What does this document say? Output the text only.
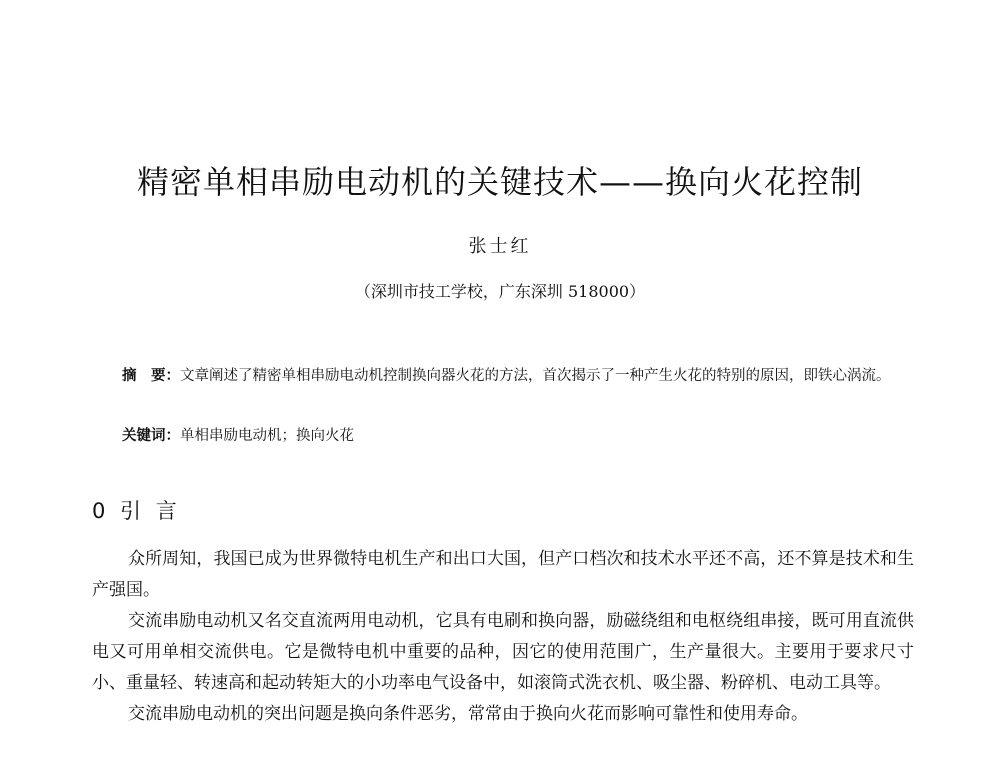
精密单相串励电动机的关键技术——换向火花控制
张士红
（深圳市技工学校，广东深圳 518000）
摘　要：文章阐述了精密单相串励电动机控制换向器火花的方法，首次揭示了一种产生火花的特别的原因，即铁心涡流。
关键词：单相串励电动机；换向火花
0 引 言

众所周知，我国已成为世界微特电机生产和出口大国，但产口档次和技术水平还不高，还不算是技术和生产强国。

交流串励电动机又名交直流两用电动机，它具有电刷和换向器，励磁绕组和电枢绕组串接，既可用直流供电又可用单相交流供电。它是微特电机中重要的品种，因它的使用范围广，生产量很大。主要用于要求尺寸小、重量轻、转速高和起动转矩大的小功率电气设备中，如滚筒式洗衣机、吸尘器、粉碎机、电动工具等。

交流串励电动机的突出问题是换向条件恶劣，常常由于换向火花而影响可靠性和使用寿命。
